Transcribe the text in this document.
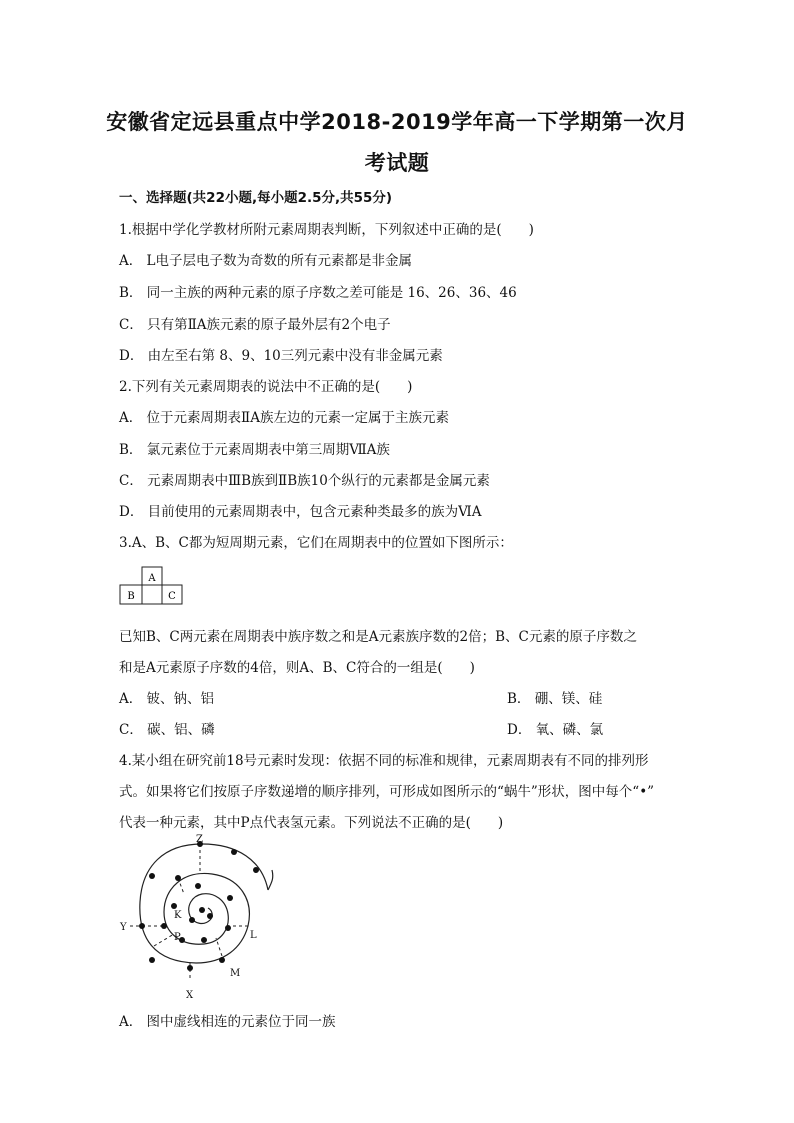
安徽省定远县重点中学2018-2019学年高一下学期第一次月
考试题
一、选择题(共22小题,每小题2.5分,共55分)
1.根据中学化学教材所附元素周期表判断，下列叙述中正确的是(　　)
A． L电子层电子数为奇数的所有元素都是非金属
B． 同一主族的两种元素的原子序数之差可能是 16、26、36、46
C． 只有第ⅡA族元素的原子最外层有2个电子
D． 由左至右第 8、9、10三列元素中没有非金属元素
2.下列有关元素周期表的说法中不正确的是(　　)
A． 位于元素周期表ⅡA族左边的元素一定属于主族元素
B． 氯元素位于元素周期表中第三周期ⅦA族
C． 元素周期表中ⅢB族到ⅡB族10个纵行的元素都是金属元素
D． 目前使用的元素周期表中，包含元素种类最多的族为ⅥA
3.A、B、C都为短周期元素，它们在周期表中的位置如下图所示：
A
B	C
已知B、C两元素在周期表中族序数之和是A元素族序数的2倍；B、C元素的原子序数之
和是A元素原子序数的4倍，则A、B、C符合的一组是(　　)
A． 铍、钠、铝	B． 硼、镁、硅
C． 碳、铝、磷	D． 氧、磷、氯
4.某小组在研究前18号元素时发现：依据不同的标准和规律，元素周期表有不同的排列形
式。如果将它们按原子序数递增的顺序排列，可形成如图所示的“蜗牛”形状，图中每个“•”
代表一种元素，其中P点代表氢元素。下列说法不正确的是(　　)
Z
Y
K
P	L
M
X
A． 图中虚线相连的元素位于同一族
